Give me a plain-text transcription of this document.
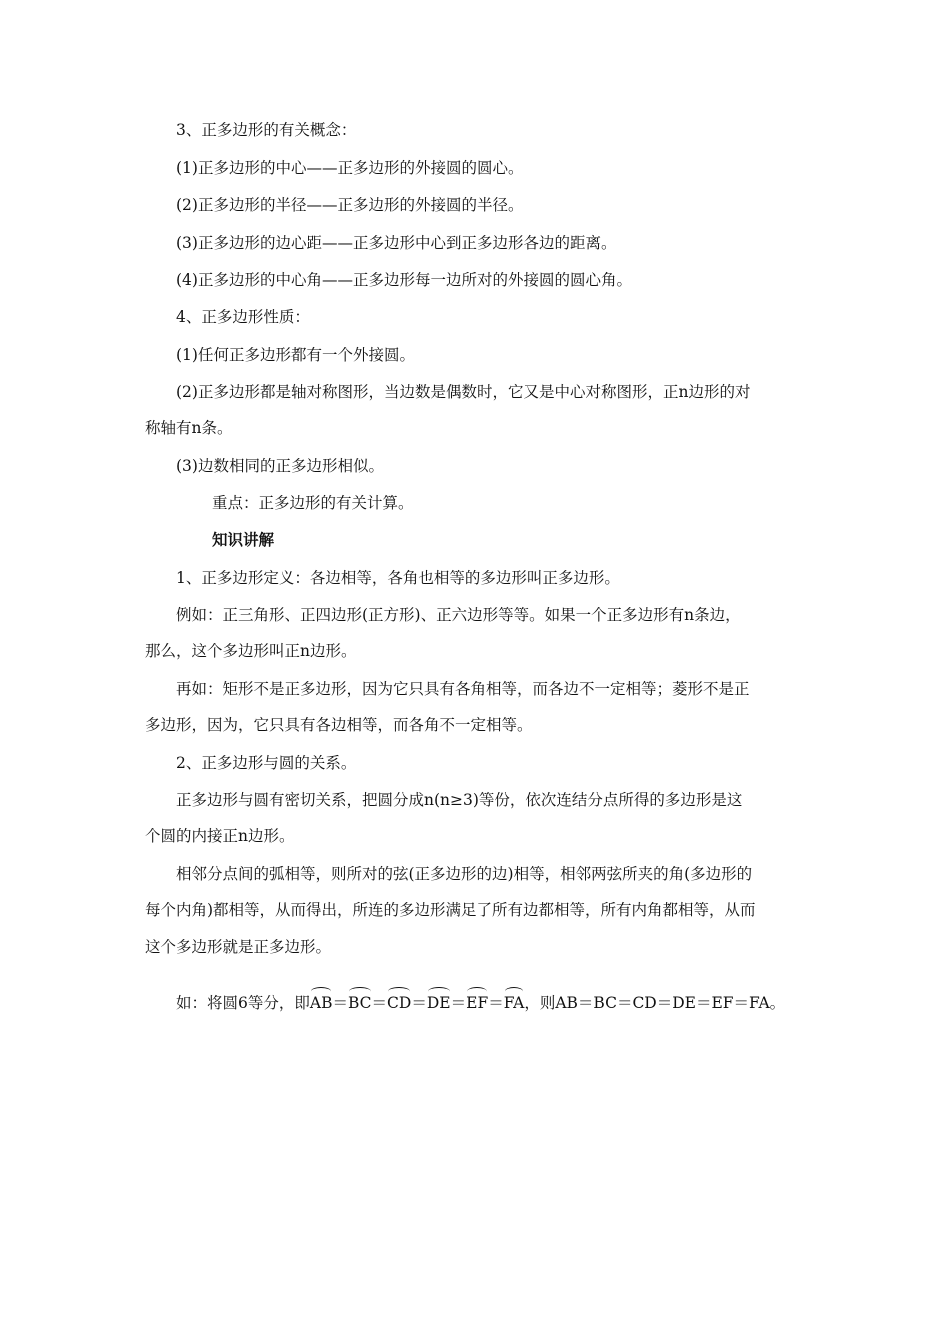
3、正多边形的有关概念：
(1)正多边形的中心——正多边形的外接圆的圆心。
(2)正多边形的半径——正多边形的外接圆的半径。
(3)正多边形的边心距——正多边形中心到正多边形各边的距离。
(4)正多边形的中心角——正多边形每一边所对的外接圆的圆心角。
4、正多边形性质：
(1)任何正多边形都有一个外接圆。
(2)正多边形都是轴对称图形，当边数是偶数时，它又是中心对称图形，正n边形的对
称轴有n条。
(3)边数相同的正多边形相似。
重点：正多边形的有关计算。
知识讲解
1、正多边形定义：各边相等，各角也相等的多边形叫正多边形。
例如：正三角形、正四边形(正方形)、正六边形等等。如果一个正多边形有n条边，
那么，这个多边形叫正n边形。
再如：矩形不是正多边形，因为它只具有各角相等，而各边不一定相等；菱形不是正
多边形，因为，它只具有各边相等，而各角不一定相等。
2、正多边形与圆的关系。
正多边形与圆有密切关系，把圆分成n(n≥3)等份，依次连结分点所得的多边形是这
个圆的内接正n边形。
相邻分点间的弧相等，则所对的弦(正多边形的边)相等，相邻两弦所夹的角(多边形的
每个内角)都相等，从而得出，所连的多边形满足了所有边都相等，所有内角都相等，从而
这个多边形就是正多边形。
如：将圆6等分，即AB＝BC＝CD＝DE＝EF＝FA，则AB＝BC＝CD＝DE＝EF＝FA。
